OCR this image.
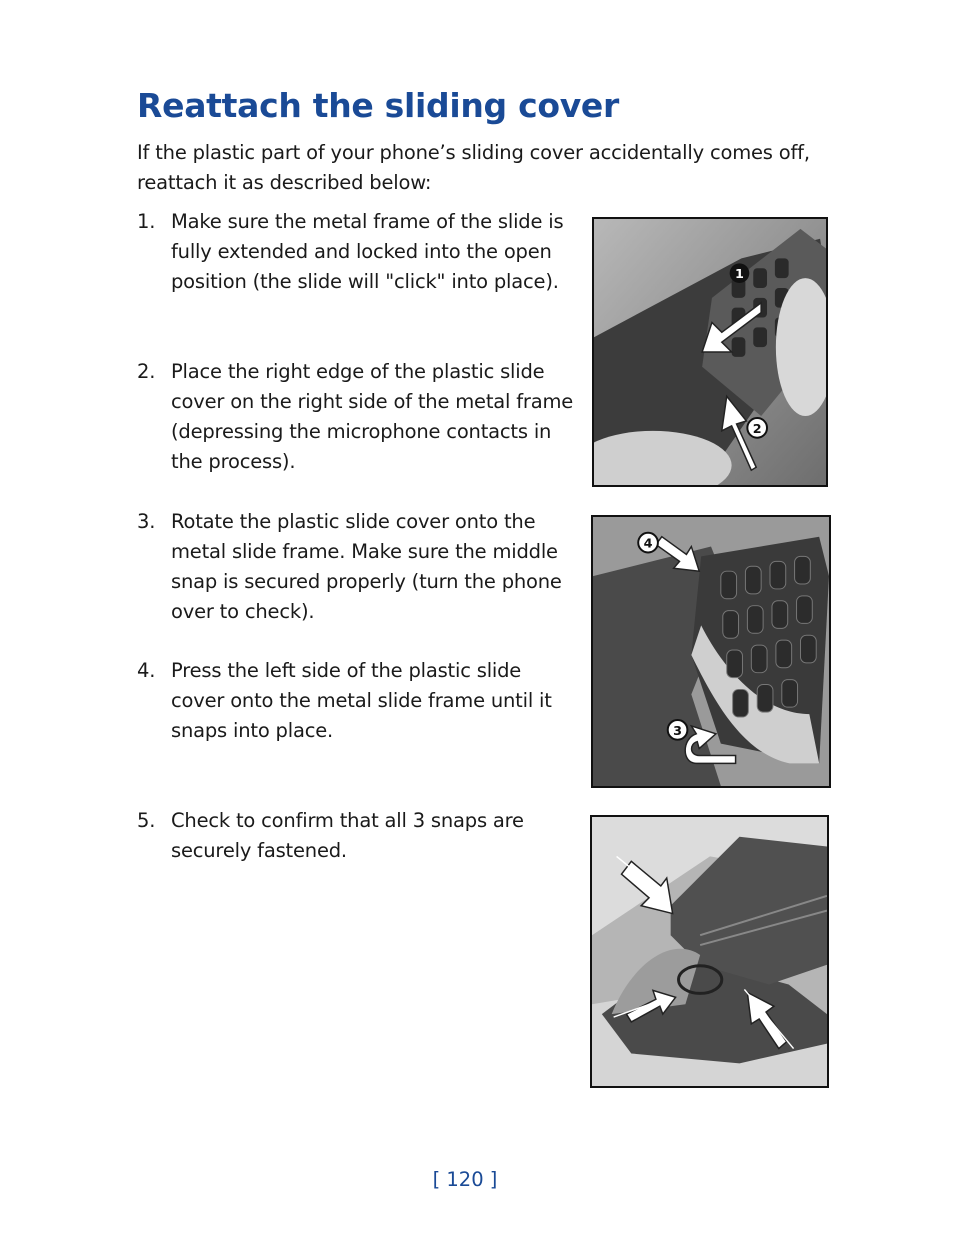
Reattach the sliding cover

If the plastic part of your phone’s sliding cover accidentally comes off, reattach it as described below:

1. Make sure the metal frame of the slide is fully extended and locked into the open position (the slide will "click" into place).
2. Place the right edge of the plastic slide cover on the right side of the metal frame (depressing the microphone contacts in the process).
3. Rotate the plastic slide cover onto the metal slide frame. Make sure the middle snap is secured properly (turn the phone over to check).
4. Press the left side of the plastic slide cover onto the metal slide frame until it snaps into place.
5. Check to confirm that all 3 snaps are securely fastened.
1
2
4
3
[ 120 ]
